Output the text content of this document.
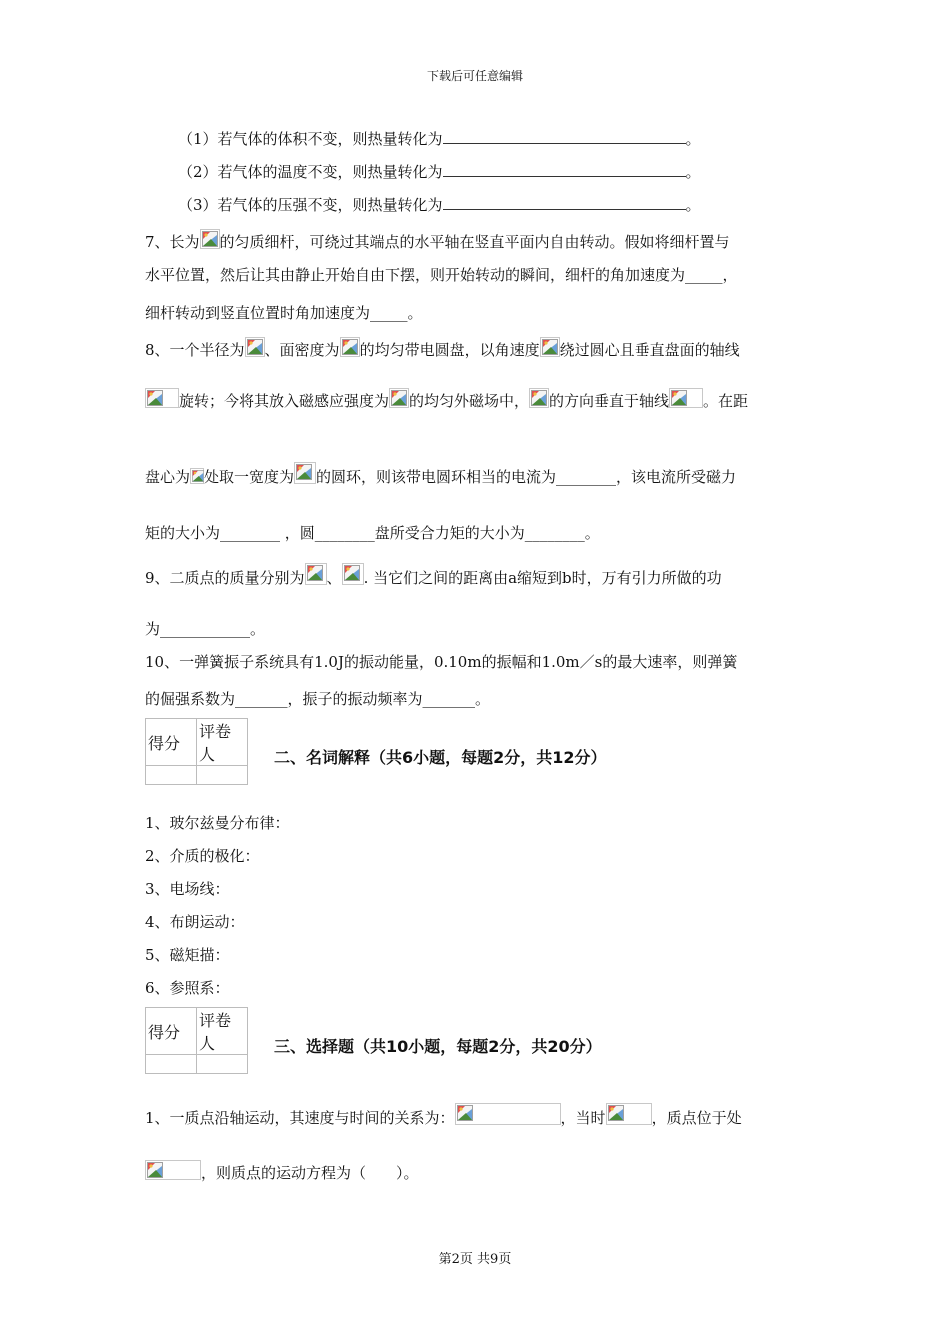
下载后可任意编辑
（1）若气体的体积不变，则热量转化为	。
（2）若气体的温度不变，则热量转化为	。
（3）若气体的压强不变，则热量转化为	。
7、长为 的匀质细杆，可绕过其端点的水平轴在竖直平面内自由转动。假如将细杆置与
水平位置，然后让其由静止开始自由下摆，则开始转动的瞬间，细杆的角加速度为_____，
细杆转动到竖直位置时角加速度为_____。
8、一个半径为 、面密度为 的均匀带电圆盘，以角速度 绕过圆心且垂直盘面的轴线
旋转；今将其放入磁感应强度为 的均匀外磁场中， 的方向垂直于轴线 。在距
盘心为 处取一宽度为 的圆环，则该带电圆环相当的电流为________，该电流所受磁力
矩的大小为________ ，圆________盘所受合力矩的大小为________。
9、二质点的质量分别为 、 . 当它们之间的距离由a缩短到b时，万有引力所做的功
为____________。
10、一弹簧振子系统具有1.0J的振动能量，0.10m的振幅和1.0m／s的最大速率，则弹簧
的倔强系数为_______，振子的振动频率为_______。
得分	评卷人
		二、名词解释（共6小题，每题2分，共12分）
1、玻尔兹曼分布律：
2、介质的极化：
3、电场线：
4、布朗运动：
5、磁矩描：
6、参照系：
得分	评卷人
		三、选择题（共10小题，每题2分，共20分）
1、一质点沿轴运动，其速度与时间的关系为：	，当时	，质点位于处
，则质点的运动方程为（　　）。
第2页 共9页
